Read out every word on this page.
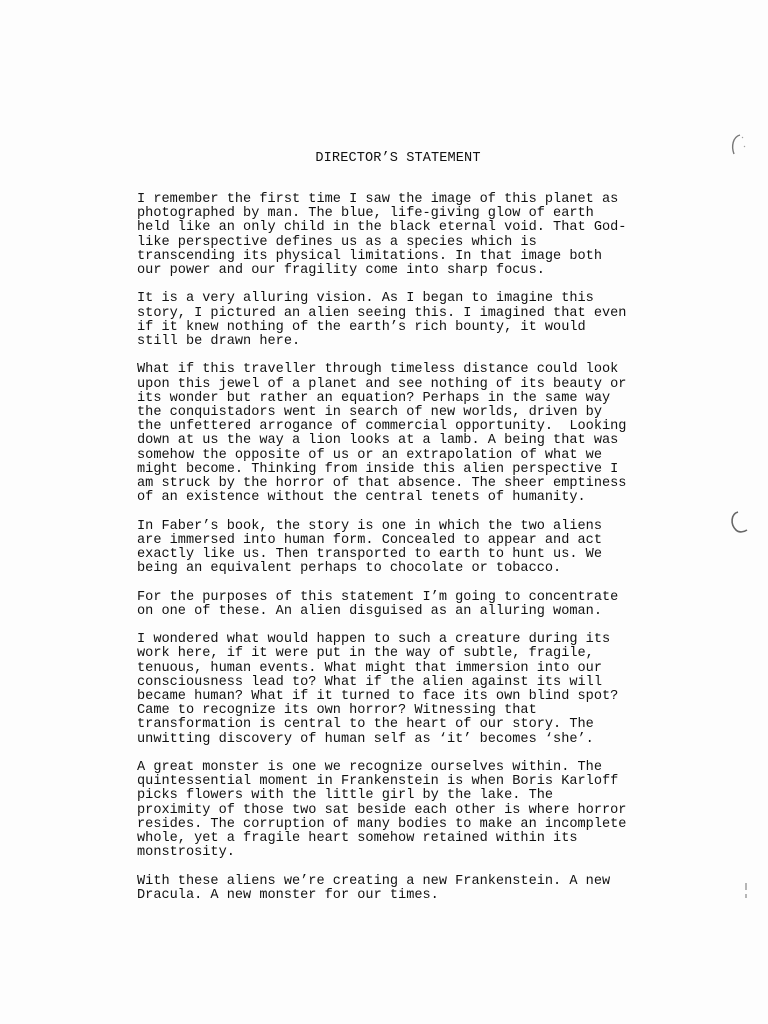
DIRECTOR’S STATEMENT
I remember the first time I saw the image of this planet as
photographed by man. The blue, life-giving glow of earth
held like an only child in the black eternal void. That God-
like perspective defines us as a species which is
transcending its physical limitations. In that image both
our power and our fragility come into sharp focus.
It is a very alluring vision. As I began to imagine this
story, I pictured an alien seeing this. I imagined that even
if it knew nothing of the earth’s rich bounty, it would
still be drawn here.
What if this traveller through timeless distance could look
upon this jewel of a planet and see nothing of its beauty or
its wonder but rather an equation? Perhaps in the same way
the conquistadors went in search of new worlds, driven by
the unfettered arrogance of commercial opportunity.  Looking
down at us the way a lion looks at a lamb. A being that was
somehow the opposite of us or an extrapolation of what we
might become. Thinking from inside this alien perspective I
am struck by the horror of that absence. The sheer emptiness
of an existence without the central tenets of humanity.
In Faber’s book, the story is one in which the two aliens
are immersed into human form. Concealed to appear and act
exactly like us. Then transported to earth to hunt us. We
being an equivalent perhaps to chocolate or tobacco.
For the purposes of this statement I’m going to concentrate
on one of these. An alien disguised as an alluring woman.
I wondered what would happen to such a creature during its
work here, if it were put in the way of subtle, fragile,
tenuous, human events. What might that immersion into our
consciousness lead to? What if the alien against its will
became human? What if it turned to face its own blind spot?
Came to recognize its own horror? Witnessing that
transformation is central to the heart of our story. The
unwitting discovery of human self as ‘it’ becomes ‘she’.
A great monster is one we recognize ourselves within. The
quintessential moment in Frankenstein is when Boris Karloff
picks flowers with the little girl by the lake. The
proximity of those two sat beside each other is where horror
resides. The corruption of many bodies to make an incomplete
whole, yet a fragile heart somehow retained within its
monstrosity.
With these aliens we’re creating a new Frankenstein. A new
Dracula. A new monster for our times.
